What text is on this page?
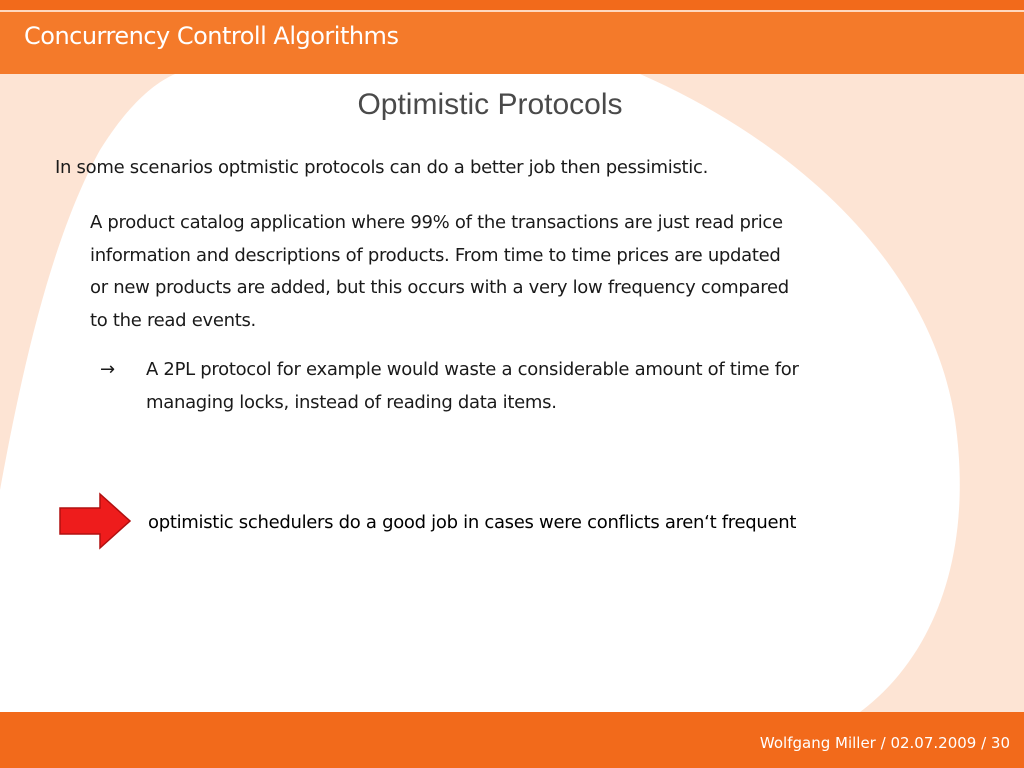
Concurrency Controll Algorithms
Optimistic Protocols
In some scenarios optmistic protocols can do a better job then pessimistic.
A product catalog application where 99% of the transactions are just read price
information and descriptions of products. From time to time prices are updated
or new products are added, but this occurs with a very low frequency compared
to the read events.
→ A 2PL protocol for example would waste a considerable amount of time for
managing locks, instead of reading data items.
optimistic schedulers do a good job in cases were conflicts aren‘t frequent
Wolfgang Miller / 02.07.2009 / 30
